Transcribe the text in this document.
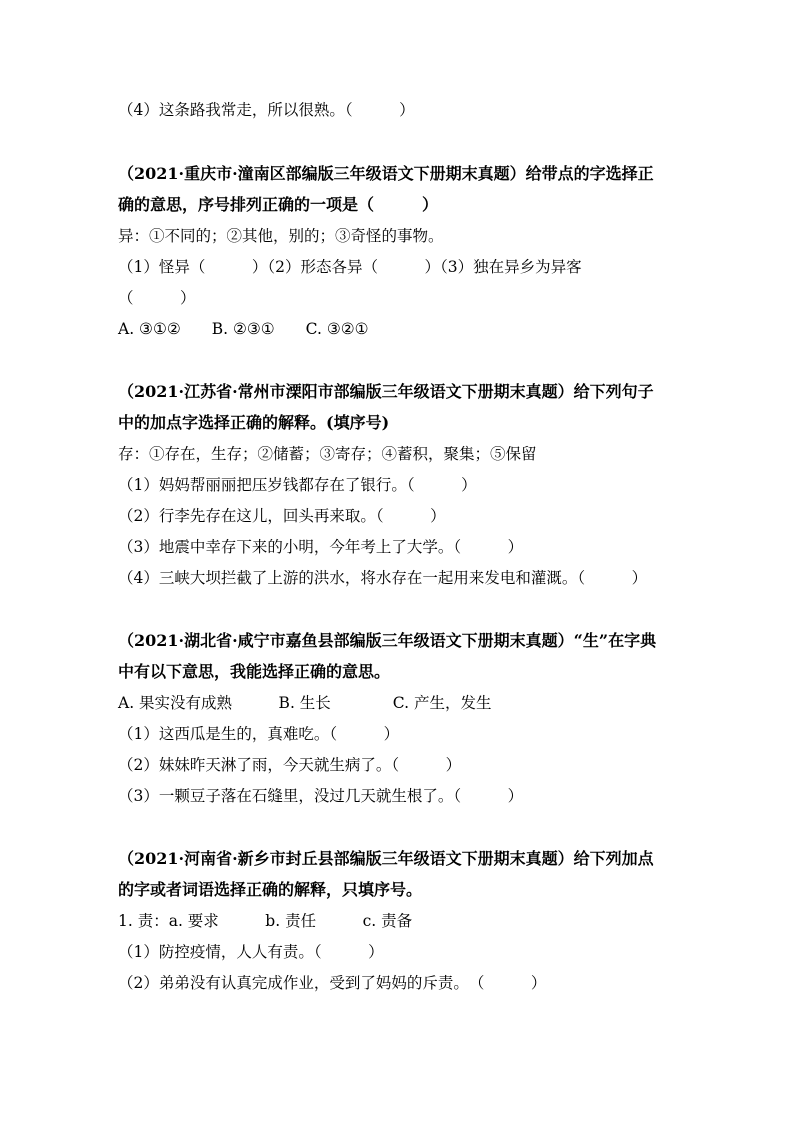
（4）这条路我常走，所以很熟。（　　　）
（2021·重庆市·潼南区部编版三年级语文下册期末真题）给带点的字选择正
确的意思，序号排列正确的一项是（　　　）
异：①不同的；②其他，别的；③奇怪的事物。
（1）怪异（　　　）（2）形态各异（　　　）（3）独在异乡为异客
（　　　）
A. ③①②　　B. ②③①　　C. ③②①
（2021·江苏省·常州市溧阳市部编版三年级语文下册期末真题）给下列句子
中的加点字选择正确的解释。(填序号)
存：①存在，生存；②储蓄；③寄存；④蓄积，聚集；⑤保留
（1）妈妈帮丽丽把压岁钱都存在了银行。（　　　）
（2）行李先存在这儿，回头再来取。（　　　）
（3）地震中幸存下来的小明，今年考上了大学。（　　　）
（4）三峡大坝拦截了上游的洪水，将水存在一起用来发电和灌溉。（　　　）
（2021·湖北省·咸宁市嘉鱼县部编版三年级语文下册期末真题）“生”在字典
中有以下意思，我能选择正确的意思。
A. 果实没有成熟　　　B. 生长　　　　C. 产生，发生
（1）这西瓜是生的，真难吃。（　　　）
（2）妹妹昨天淋了雨，今天就生病了。（　　　）
（3）一颗豆子落在石缝里，没过几天就生根了。（　　　）
（2021·河南省·新乡市封丘县部编版三年级语文下册期末真题）给下列加点
的字或者词语选择正确的解释，只填序号。
1. 责：a. 要求　　　b. 责任　　　c. 责备
（1）防控疫情，人人有责。（　　　）
（2）弟弟没有认真完成作业，受到了妈妈的斥责。　（　　　）
